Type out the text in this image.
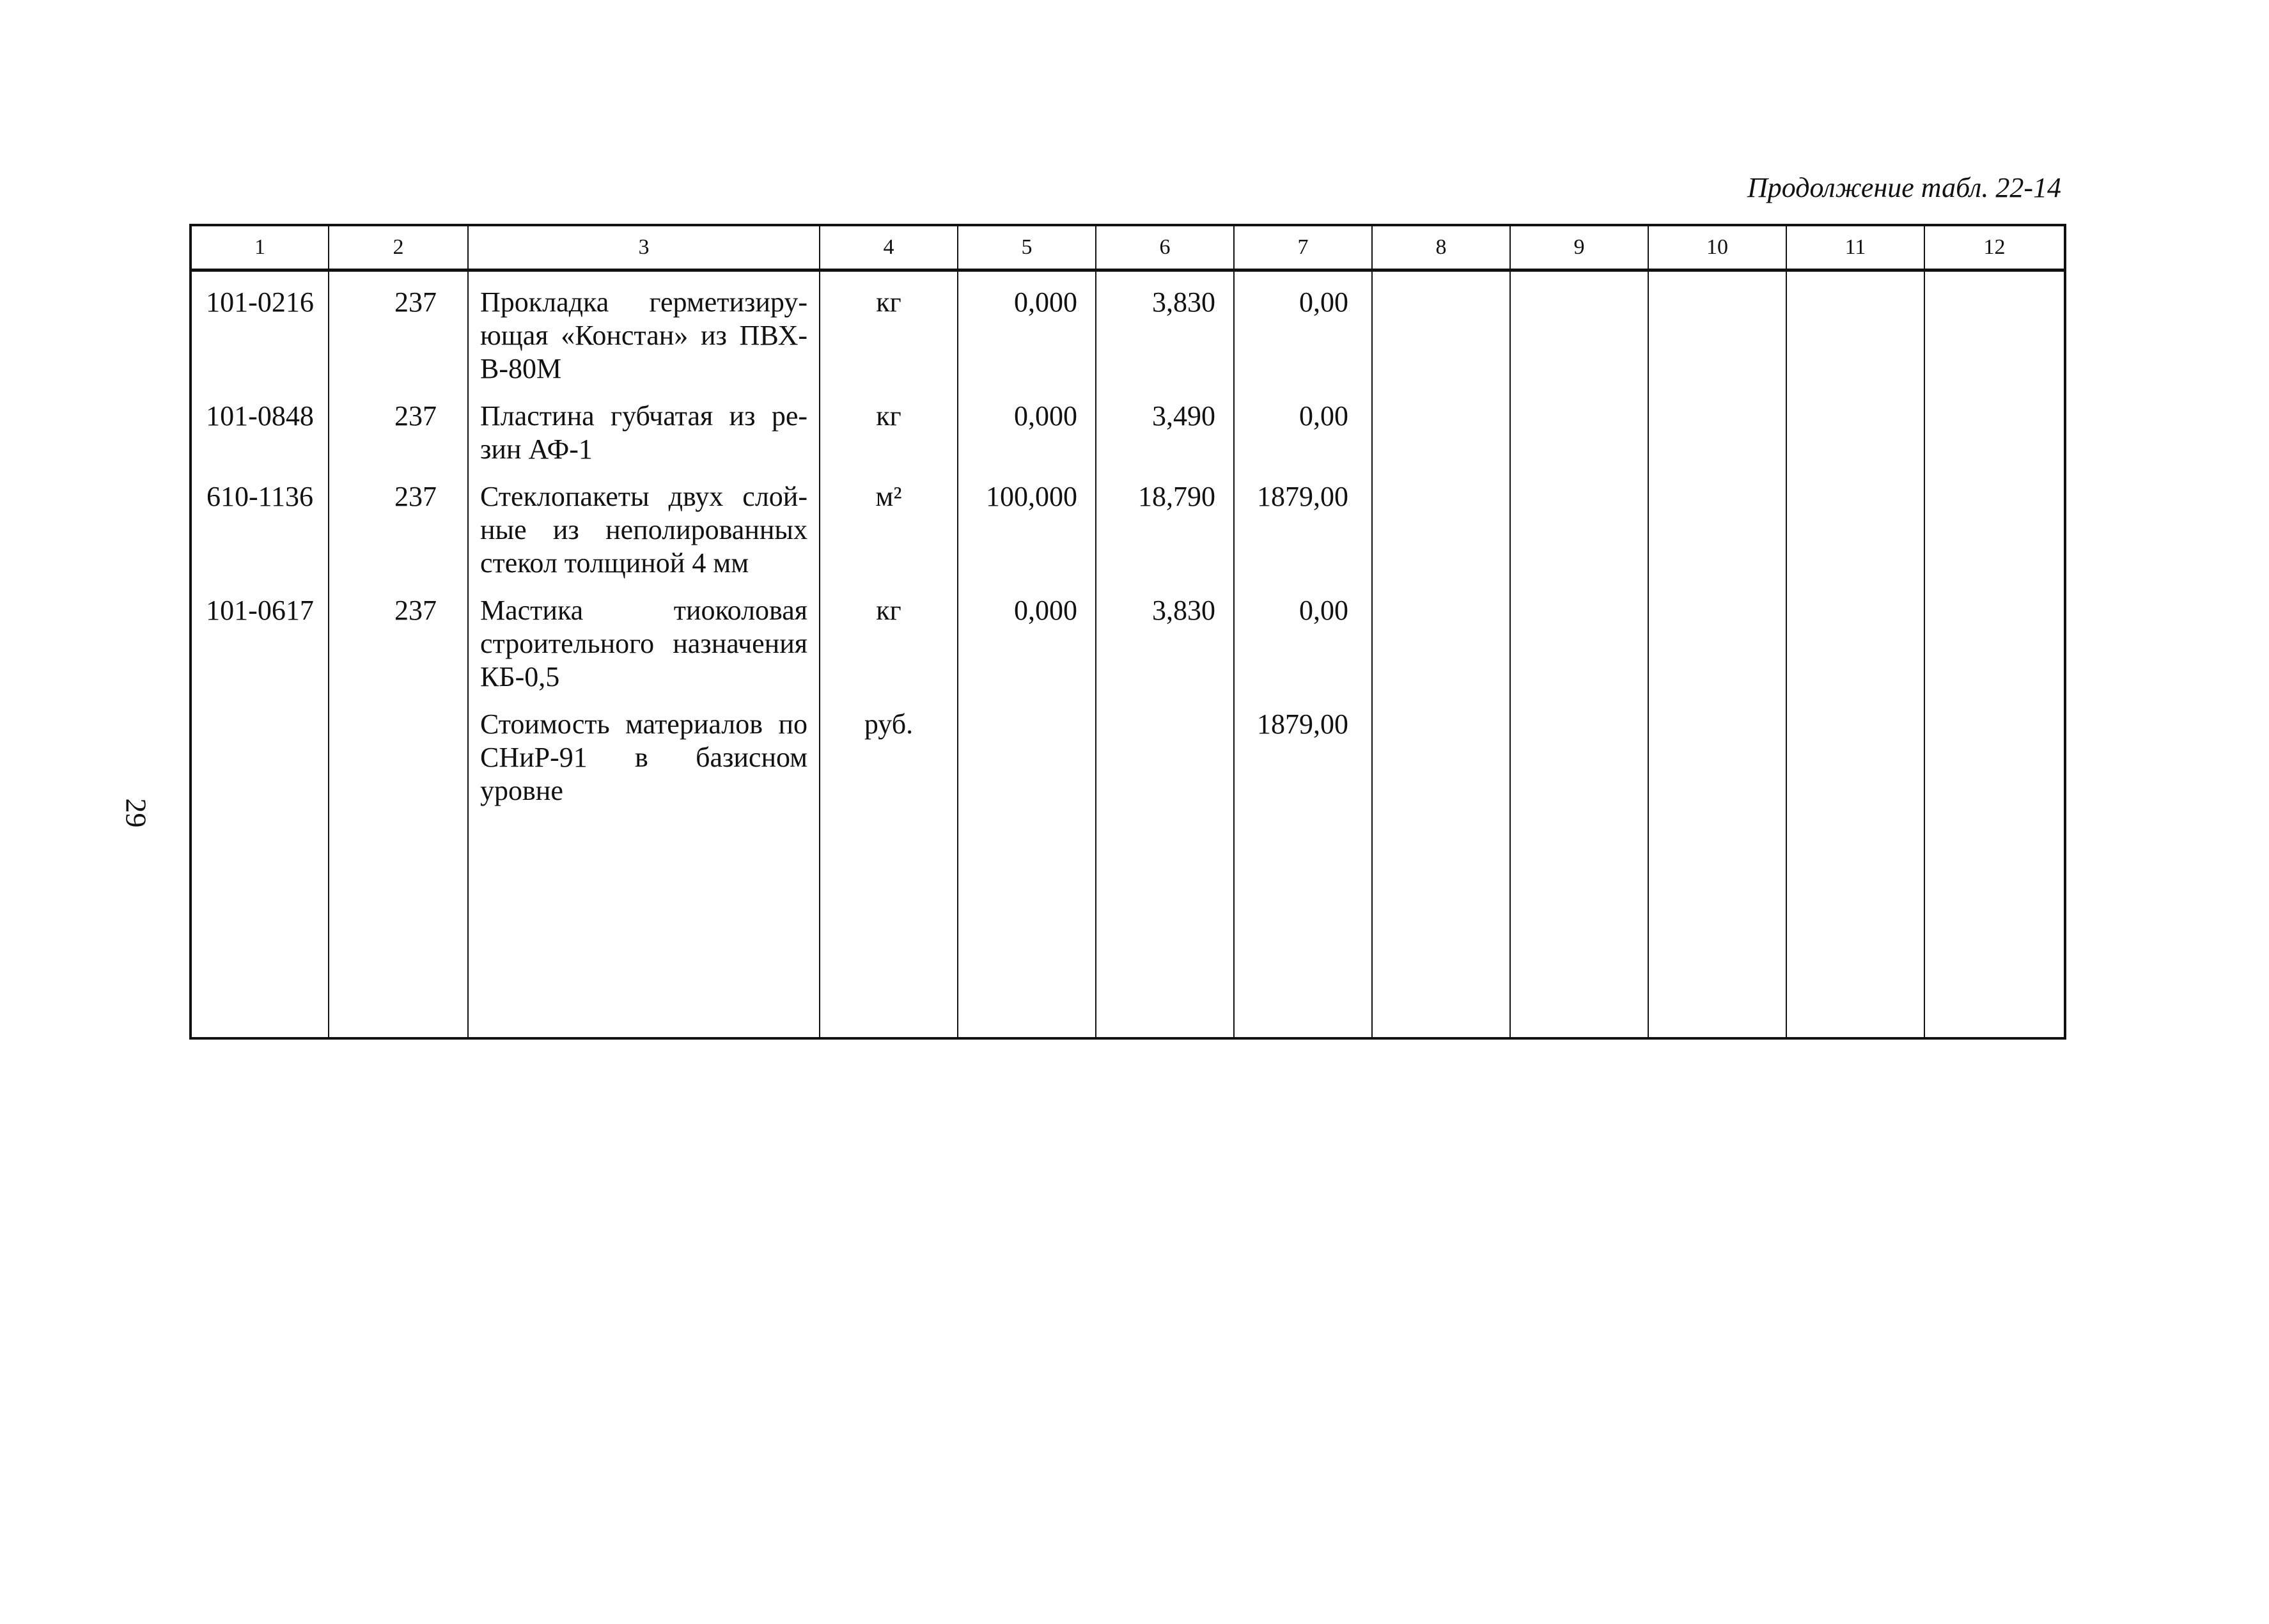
Продолжение табл. 22-14
29
1	2	3	4	5	6	7	8	9	10	11	12
101-0216	237	Прокладка герметизиру-ющая «Констан» из ПВХ-В-80М	кг	0,000	3,830	0,00					
101-0848	237	Пластина губчатая из ре-зин АФ-1	кг	0,000	3,490	0,00					
610-1136	237	Стеклопакеты двух слой-ные из неполированных стекол толщиной 4 мм	м²	100,000	18,790	1879,00					
101-0617	237	Мастика тиоколовая строительного назначения КБ-0,5	кг	0,000	3,830	0,00					
		Стоимость материалов по СНиР-91 в базисном уровне	руб.			1879,00					
